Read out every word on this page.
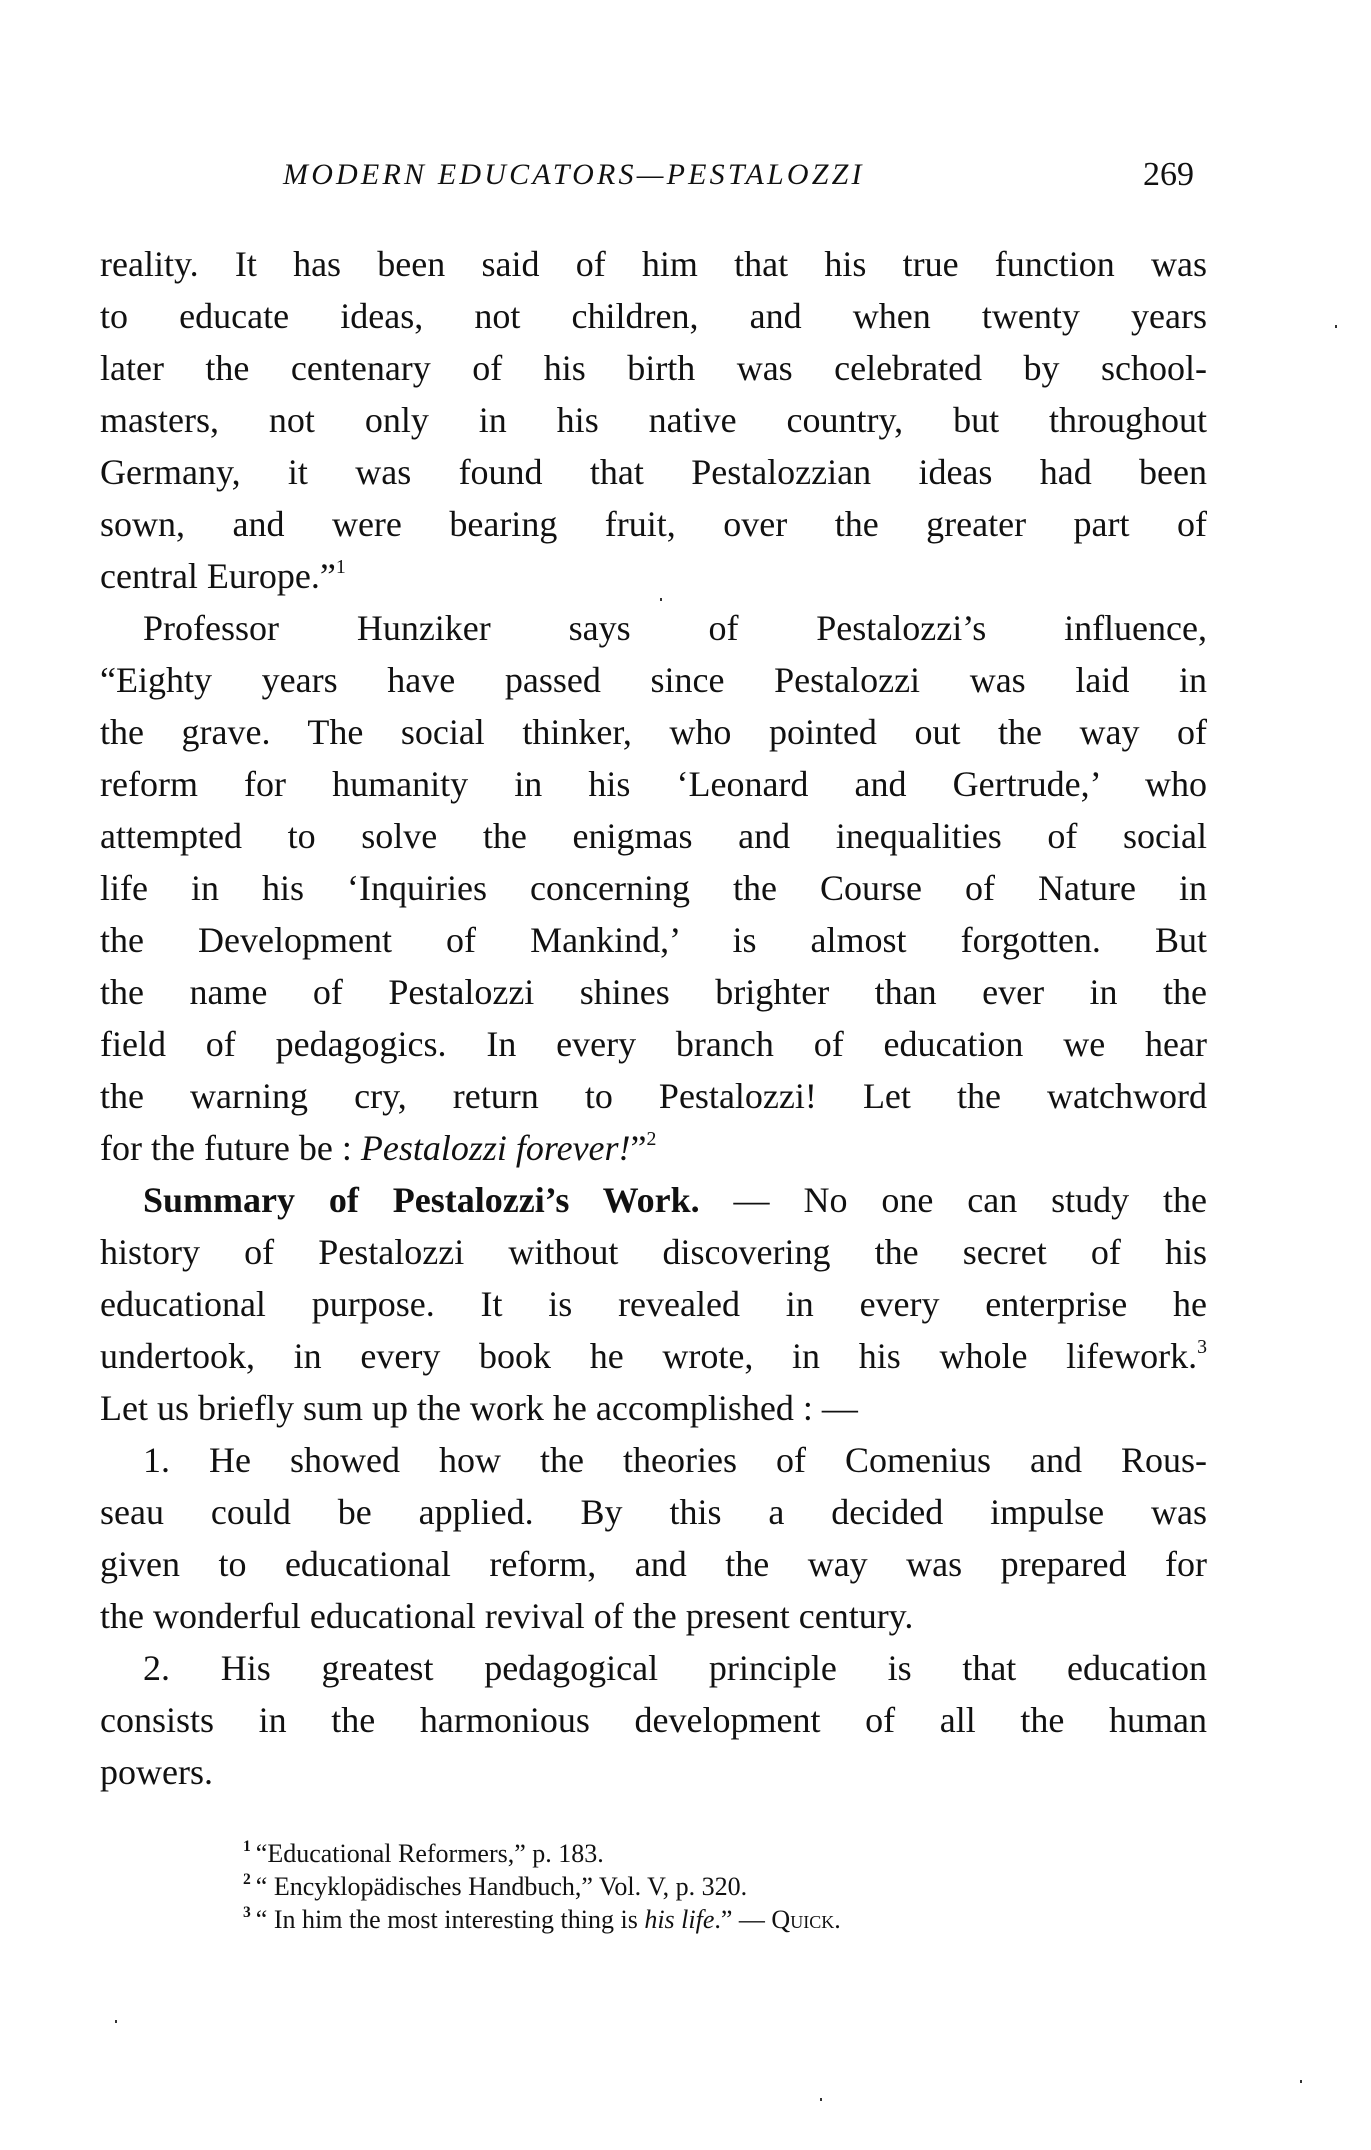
MODERN EDUCATORS—PESTALOZZI	269
reality. It has been said of him that his true function was
to educate ideas, not children, and when twenty years
later the centenary of his birth was celebrated by school-
masters, not only in his native country, but throughout
Germany, it was found that Pestalozzian ideas had been
sown, and were bearing fruit, over the greater part of
central Europe.”$^1$
Professor Hunziker says of Pestalozzi’s influence,
“Eighty years have passed since Pestalozzi was laid in
the grave. The social thinker, who pointed out the way of
reform for humanity in his ‘Leonard and Gertrude,’ who
attempted to solve the enigmas and inequalities of social
life in his ‘Inquiries concerning the Course of Nature in
the Development of Mankind,’ is almost forgotten. But
the name of Pestalozzi shines brighter than ever in the
field of pedagogics. In every branch of education we hear
the warning cry, return to Pestalozzi! Let the watchword
for the future be : Pestalozzi forever!”$^2$
Summary of Pestalozzi’s Work. — No one can study the
history of Pestalozzi without discovering the secret of his
educational purpose. It is revealed in every enterprise he
undertook, in every book he wrote, in his whole lifework.$^3$
Let us briefly sum up the work he accomplished : —
1. He showed how the theories of Comenius and Rous-
seau could be applied. By this a decided impulse was
given to educational reform, and the way was prepared for
the wonderful educational revival of the present century.
2. His greatest pedagogical principle is that education
consists in the harmonious development of all the human
powers.
$^1$ “Educational Reformers,” p. 183.
$^2$ “ Encyklopädisches Handbuch,” Vol. V, p. 320.
$^3$ “ In him the most interesting thing is his life.” — Quick.
